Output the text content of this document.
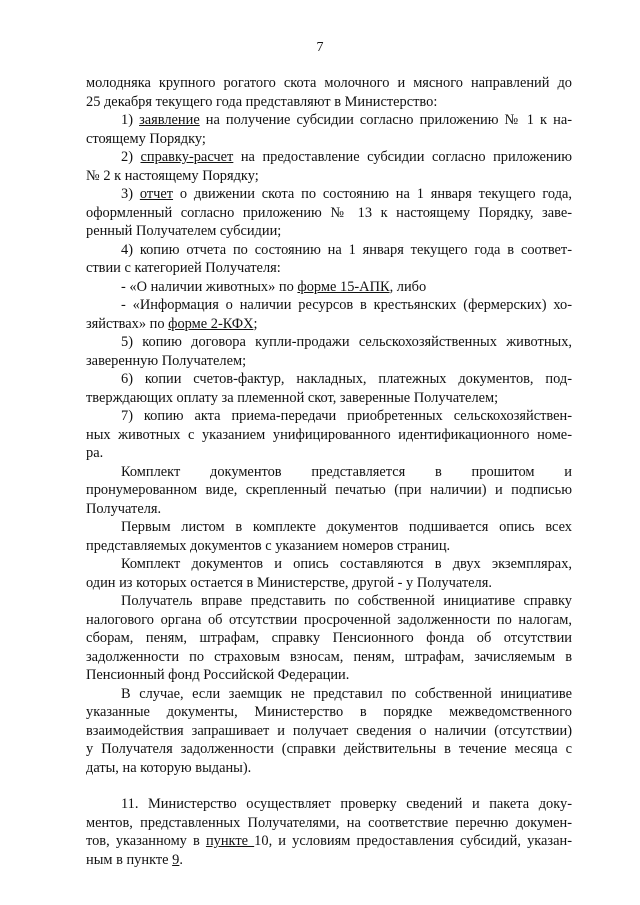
7
молодняка крупного рогатого скота молочного и мясного направлений до
25 декабря текущего года представляют в Министерство:
1) заявление на получение субсидии согласно приложению № 1 к на-
стоящему Порядку;
2) справку-расчет на предоставление субсидии согласно приложению
№ 2 к настоящему Порядку;
3) отчет о движении скота по состоянию на 1 января текущего года,
оформленный согласно приложению № 13 к настоящему Порядку, заве-
ренный Получателем субсидии;
4) копию отчета по состоянию на 1 января текущего года в соответ-
ствии с категорией Получателя:
- «О наличии животных» по форме 15-АПК, либо
- «Информация о наличии ресурсов в крестьянских (фермерских) хо-
зяйствах» по форме 2-КФХ;
5) копию договора купли-продажи сельскохозяйственных животных,
заверенную Получателем;
6) копии счетов-фактур, накладных, платежных документов, под-
тверждающих оплату за племенной скот, заверенные Получателем;
7) копию акта приема-передачи приобретенных сельскохозяйствен-
ных животных с указанием унифицированного идентификационного номе-
ра.
Комплект документов представляется в прошитом и
пронумерованном виде, скрепленный печатью (при наличии) и подписью
Получателя.
Первым листом в комплекте документов подшивается опись всех
представляемых документов с указанием номеров страниц.
Комплект документов и опись составляются в двух экземплярах,
один из которых остается в Министерстве, другой - у Получателя.
Получатель вправе представить по собственной инициативе справку
налогового органа об отсутствии просроченной задолженности по налогам,
сборам, пеням, штрафам, справку Пенсионного фонда об отсутствии
задолженности по страховым взносам, пеням, штрафам, зачисляемым в
Пенсионный фонд Российской Федерации.
В случае, если заемщик не представил по собственной инициативе
указанные документы, Министерство в порядке межведомственного
взаимодействия запрашивает и получает сведения о наличии (отсутствии)
у Получателя задолженности (справки действительны в течение месяца с
даты, на которую выданы).
11. Министерство осуществляет проверку сведений и пакета доку-
ментов, представленных Получателями, на соответствие перечню докумен-
тов, указанному в пункте 10, и условиям предоставления субсидий, указан-
ным в пункте 9.
